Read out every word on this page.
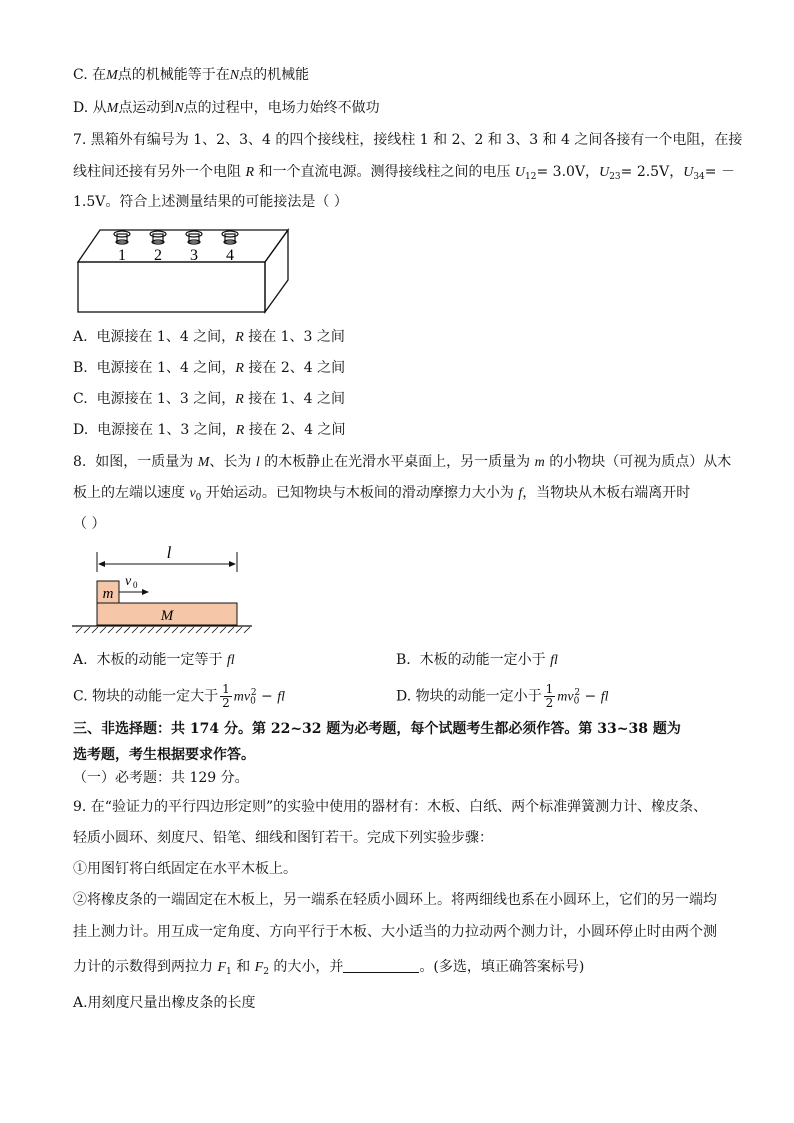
C. 在M点的机械能等于在N点的机械能
D. 从M点运动到N点的过程中，电场力始终不做功
7. 黑箱外有编号为 1、2、3、4 的四个接线柱，接线柱 1 和 2、2 和 3、3 和 4 之间各接有一个电阻，在接
线柱间还接有另外一个电阻 R 和一个直流电源。测得接线柱之间的电压 $U_{12}= 3.0V$，$U_{23}= 2.5V$，$U_{34}=$ －
1.5V。符合上述测量结果的可能接法是（ ）
1 2 3 4
A.  电源接在 1、4 之间，R 接在 1、3 之间
B.  电源接在 1、4 之间，R 接在 2、4 之间
C.  电源接在 1、3 之间，R 接在 1、4 之间
D.  电源接在 1、3 之间，R 接在 2、4 之间
8.  如图，一质量为 M、长为 l 的木板静止在光滑水平桌面上，另一质量为 m 的小物块（可视为质点）从木
板上的左端以速度 $v_0$ 开始运动。已知物块与木板间的滑动摩擦力大小为 f，当物块从木板右端离开时
（ ）
l
M
m
v 0
A.  木板的动能一定等于 fl	B.  木板的动能一定小于 fl
C. 物块的动能一定大于 $\frac{1}{2} mv_0^2$ − fl	D. 物块的动能一定小于 $\frac{1}{2} mv_0^2$ − fl
三、非选择题：共 174 分。第 22~32 题为必考题，每个试题考生都必须作答。第 33~38 题为
选考题，考生根据要求作答。
（一）必考题：共 129 分。
9. 在“验证力的平行四边形定则”的实验中使用的器材有：木板、白纸、两个标准弹簧测力计、橡皮条、
轻质小圆环、刻度尺、铅笔、细线和图钉若干。完成下列实验步骤：
①用图钉将白纸固定在水平木板上。
②将橡皮条的一端固定在木板上，另一端系在轻质小圆环上。将两细线也系在小圆环上，它们的另一端均
挂上测力计。用互成一定角度、方向平行于木板、大小适当的力拉动两个测力计，小圆环停止时由两个测
力计的示数得到两拉力 $F_1$ 和 $F_2$ 的大小，并	。(多选，填正确答案标号)
A.用刻度尺量出橡皮条的长度
